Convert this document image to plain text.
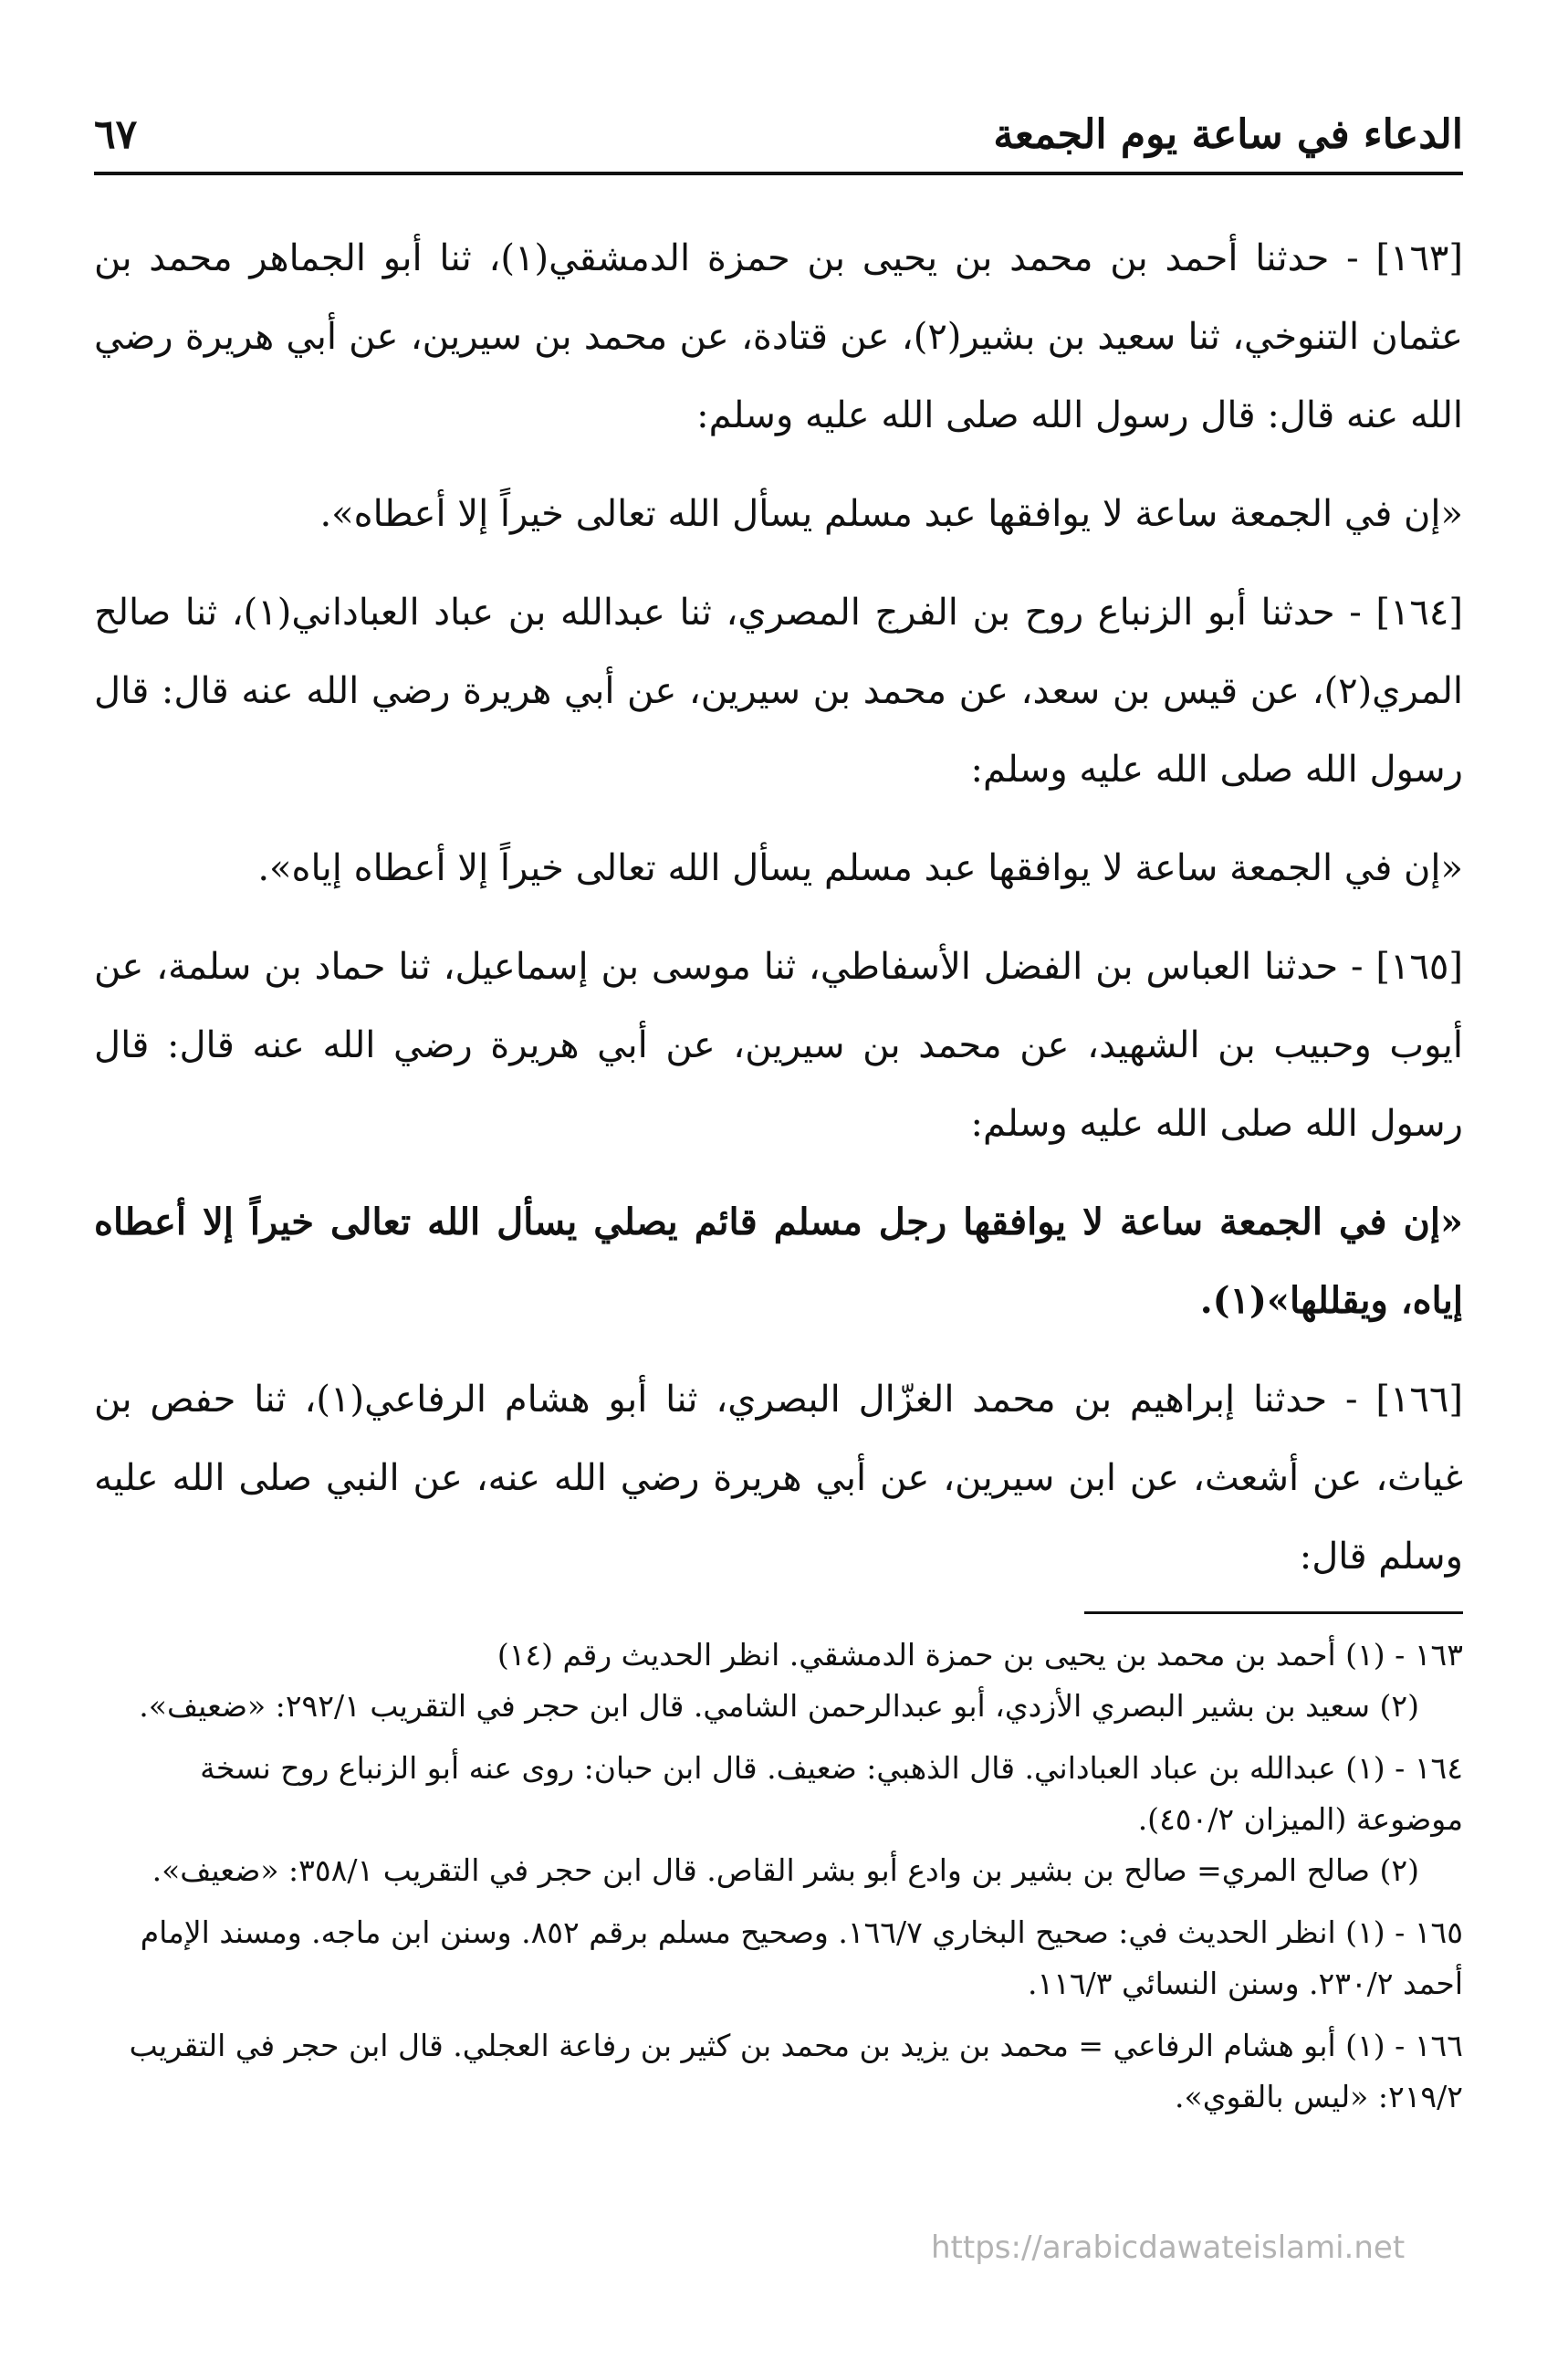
الدعاء في ساعة يوم الجمعة
٦٧

[١٦٣] - حدثنا أحمد بن محمد بن يحيى بن حمزة الدمشقي(١)، ثنا أبو الجماهر محمد بن عثمان التنوخي، ثنا سعيد بن بشير(٢)، عن قتادة، عن محمد بن سيرين، عن أبي هريرة رضي الله عنه قال: قال رسول الله صلى الله عليه وسلم:

«إن في الجمعة ساعة لا يوافقها عبد مسلم يسأل الله تعالى خيراً إلا أعطاه».

[١٦٤] - حدثنا أبو الزنباع روح بن الفرج المصري، ثنا عبدالله بن عباد العباداني(١)، ثنا صالح المري(٢)، عن قيس بن سعد، عن محمد بن سيرين، عن أبي هريرة رضي الله عنه قال: قال رسول الله صلى الله عليه وسلم:

«إن في الجمعة ساعة لا يوافقها عبد مسلم يسأل الله تعالى خيراً إلا أعطاه إياه».

[١٦٥] - حدثنا العباس بن الفضل الأسفاطي، ثنا موسى بن إسماعيل، ثنا حماد بن سلمة، عن أيوب وحبيب بن الشهيد، عن محمد بن سيرين، عن أبي هريرة رضي الله عنه قال: قال رسول الله صلى الله عليه وسلم:

«إن في الجمعة ساعة لا يوافقها رجل مسلم قائم يصلي يسأل الله تعالى خيراً إلا أعطاه إياه، ويقللها»(١).

[١٦٦] - حدثنا إبراهيم بن محمد الغزّال البصري، ثنا أبو هشام الرفاعي(١)، ثنا حفص بن غياث، عن أشعث، عن ابن سيرين، عن أبي هريرة رضي الله عنه، عن النبي صلى الله عليه وسلم قال:

١٦٣ - (١) أحمد بن محمد بن يحيى بن حمزة الدمشقي. انظر الحديث رقم (١٤)

(٢) سعيد بن بشير البصري الأزدي، أبو عبدالرحمن الشامي. قال ابن حجر في التقريب ٢٩٢/١: «ضعيف».

١٦٤ - (١) عبدالله بن عباد العباداني. قال الذهبي: ضعيف. قال ابن حبان: روى عنه أبو الزنباع روح نسخة موضوعة (الميزان ٤٥٠/٢).

(٢) صالح المري= صالح بن بشير بن وادع أبو بشر القاص. قال ابن حجر في التقريب ٣٥٨/١: «ضعيف».

١٦٥ - (١) انظر الحديث في: صحيح البخاري ١٦٦/٧. وصحيح مسلم برقم ٨٥٢. وسنن ابن ماجه. ومسند الإمام أحمد ٢٣٠/٢. وسنن النسائي ١١٦/٣.

١٦٦ - (١) أبو هشام الرفاعي = محمد بن يزيد بن محمد بن كثير بن رفاعة العجلي. قال ابن حجر في التقريب ٢١٩/٢: «ليس بالقوي».

https://arabicdawateislami.net
